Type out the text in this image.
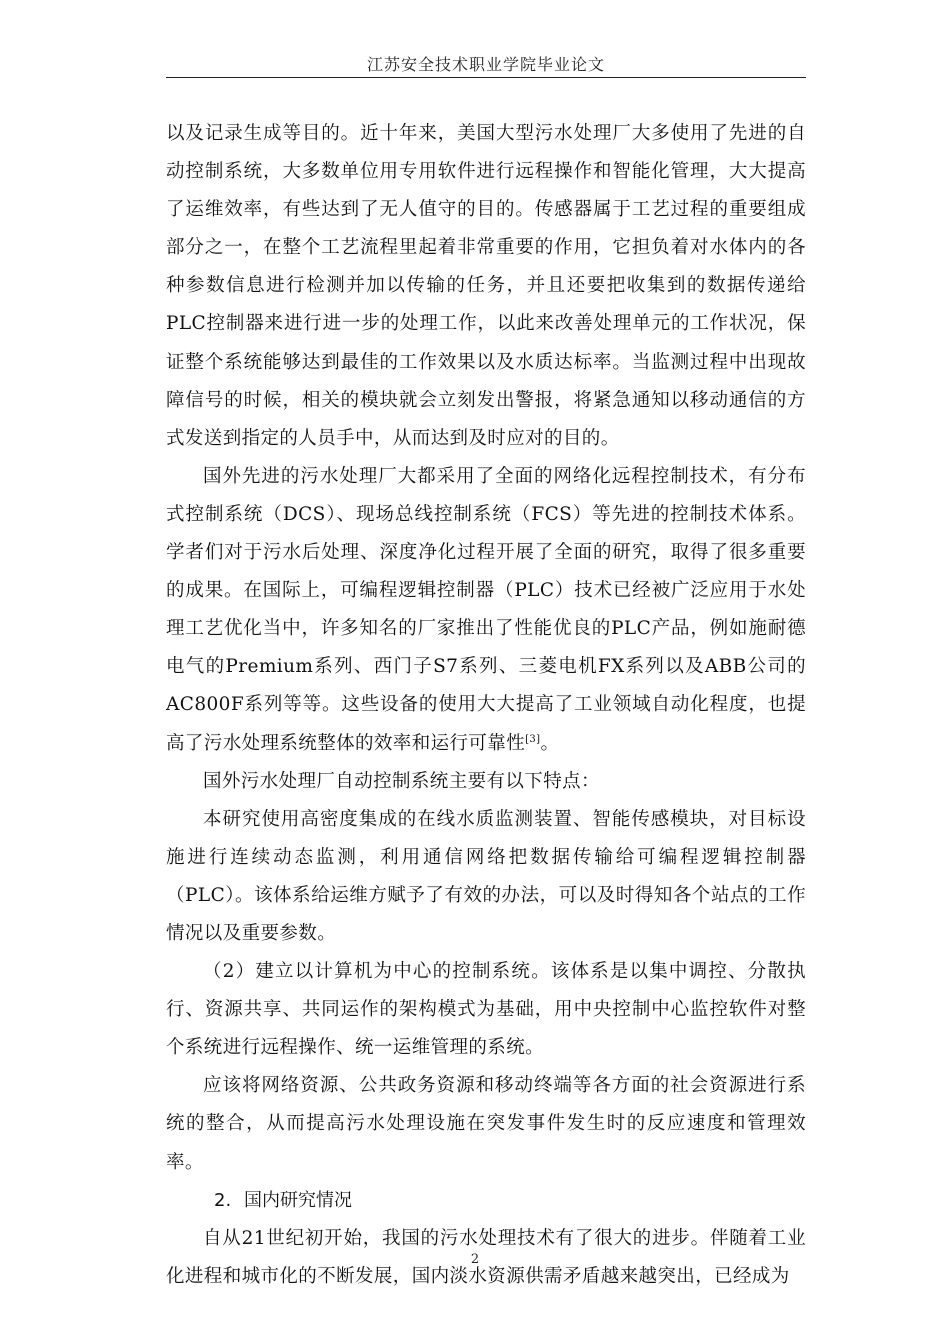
江苏安全技术职业学院毕业论文

以及记录生成等目的。近十年来，美国大型污水处理厂大多使用了先进的自动控制系统，大多数单位用专用软件进行远程操作和智能化管理，大大提高了运维效率，有些达到了无人值守的目的。传感器属于工艺过程的重要组成部分之一，在整个工艺流程里起着非常重要的作用，它担负着对水体内的各种参数信息进行检测并加以传输的任务，并且还要把收集到的数据传递给PLC控制器来进行进一步的处理工作，以此来改善处理单元的工作状况，保证整个系统能够达到最佳的工作效果以及水质达标率。当监测过程中出现故障信号的时候，相关的模块就会立刻发出警报，将紧急通知以移动通信的方式发送到指定的人员手中，从而达到及时应对的目的。

国外先进的污水处理厂大都采用了全面的网络化远程控制技术，有分布式控制系统（DCS）、现场总线控制系统（FCS）等先进的控制技术体系。学者们对于污水后处理、深度净化过程开展了全面的研究，取得了很多重要的成果。在国际上，可编程逻辑控制器（PLC）技术已经被广泛应用于水处理工艺优化当中，许多知名的厂家推出了性能优良的PLC产品，例如施耐德电气的Premium系列、西门子S7系列、三菱电机FX系列以及ABB公司的AC800F系列等等。这些设备的使用大大提高了工业领域自动化程度，也提高了污水处理系统整体的效率和运行可靠性[3]。

国外污水处理厂自动控制系统主要有以下特点：

本研究使用高密度集成的在线水质监测装置、智能传感模块，对目标设施进行连续动态监测，利用通信网络把数据传输给可编程逻辑控制器（PLC）。该体系给运维方赋予了有效的办法，可以及时得知各个站点的工作情况以及重要参数。

（2）建立以计算机为中心的控制系统。该体系是以集中调控、分散执行、资源共享、共同运作的架构模式为基础，用中央控制中心监控软件对整个系统进行远程操作、统一运维管理的系统。

应该将网络资源、公共政务资源和移动终端等各方面的社会资源进行系统的整合，从而提高污水处理设施在突发事件发生时的反应速度和管理效率。

2. 国内研究情况

自从21世纪初开始，我国的污水处理技术有了很大的进步。伴随着工业化进程和城市化的不断发展，国内淡水资源供需矛盾越来越突出，已经成为

2
